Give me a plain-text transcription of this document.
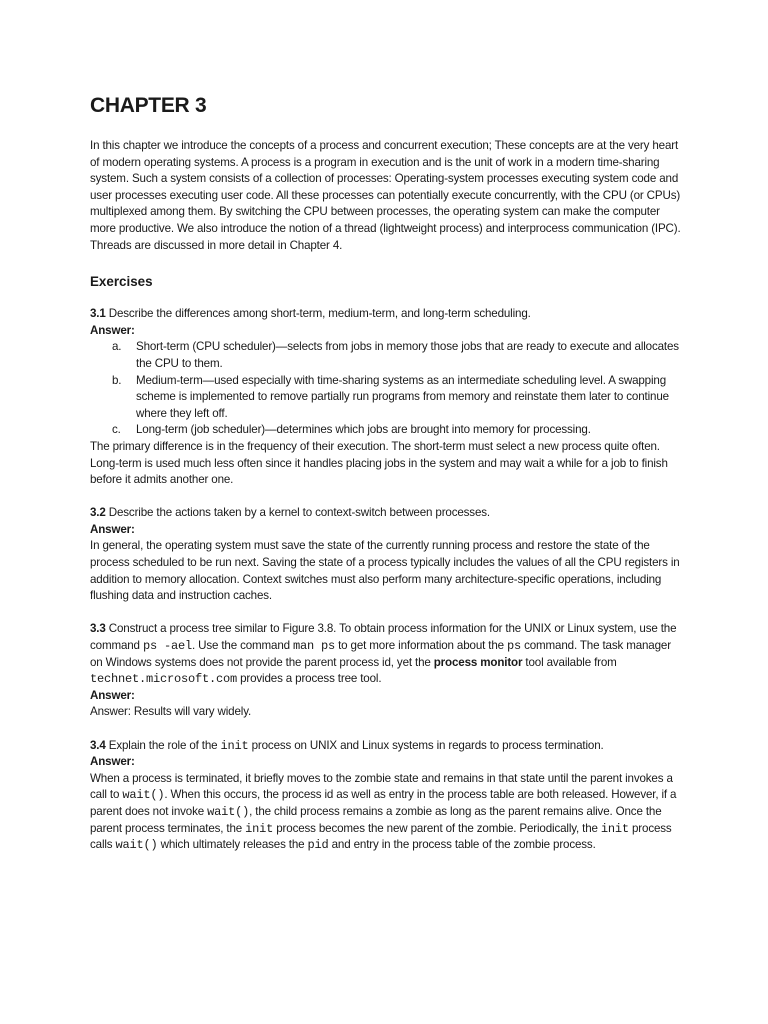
CHAPTER 3

In this chapter we introduce the concepts of a process and concurrent execution; These concepts are at the very heart of modern operating systems. A process is a program in execution and is the unit of work in a modern time-sharing system. Such a system consists of a collection of processes: Operating-system processes executing system code and user processes executing user code. All these processes can potentially execute concurrently, with the CPU (or CPUs) multiplexed among them. By switching the CPU between processes, the operating system can make the computer more productive. We also introduce the notion of a thread (lightweight process) and interprocess communication (IPC). Threads are discussed in more detail in Chapter 4.

Exercises

3.1 Describe the differences among short-term, medium-term, and long-term scheduling.

Answer:

a. Short-term (CPU scheduler)—selects from jobs in memory those jobs that are ready to execute and allocates the CPU to them.
b. Medium-term—used especially with time-sharing systems as an intermediate scheduling level. A swapping scheme is implemented to remove partially run programs from memory and reinstate them later to continue where they left off.
c. Long-term (job scheduler)—determines which jobs are brought into memory for processing.

The primary difference is in the frequency of their execution. The short-term must select a new process quite often. Long-term is used much less often since it handles placing jobs in the system and may wait a while for a job to finish before it admits another one.

3.2 Describe the actions taken by a kernel to context-switch between processes.

Answer:

In general, the operating system must save the state of the currently running process and restore the state of the process scheduled to be run next. Saving the state of a process typically includes the values of all the CPU registers in addition to memory allocation. Context switches must also perform many architecture-specific operations, including flushing data and instruction caches.

3.3 Construct a process tree similar to Figure 3.8. To obtain process information for the UNIX or Linux system, use the command ps -ael. Use the command man ps to get more information about the ps command. The task manager on Windows systems does not provide the parent process id, yet the process monitor tool available from technet.microsoft.com provides a process tree tool.

Answer:

Answer: Results will vary widely.

3.4 Explain the role of the init process on UNIX and Linux systems in regards to process termination.

Answer:

When a process is terminated, it briefly moves to the zombie state and remains in that state until the parent invokes a call to wait(). When this occurs, the process id as well as entry in the process table are both released. However, if a parent does not invoke wait(), the child process remains a zombie as long as the parent remains alive. Once the parent process terminates, the init process becomes the new parent of the zombie. Periodically, the init process calls wait() which ultimately releases the pid and entry in the process table of the zombie process.
